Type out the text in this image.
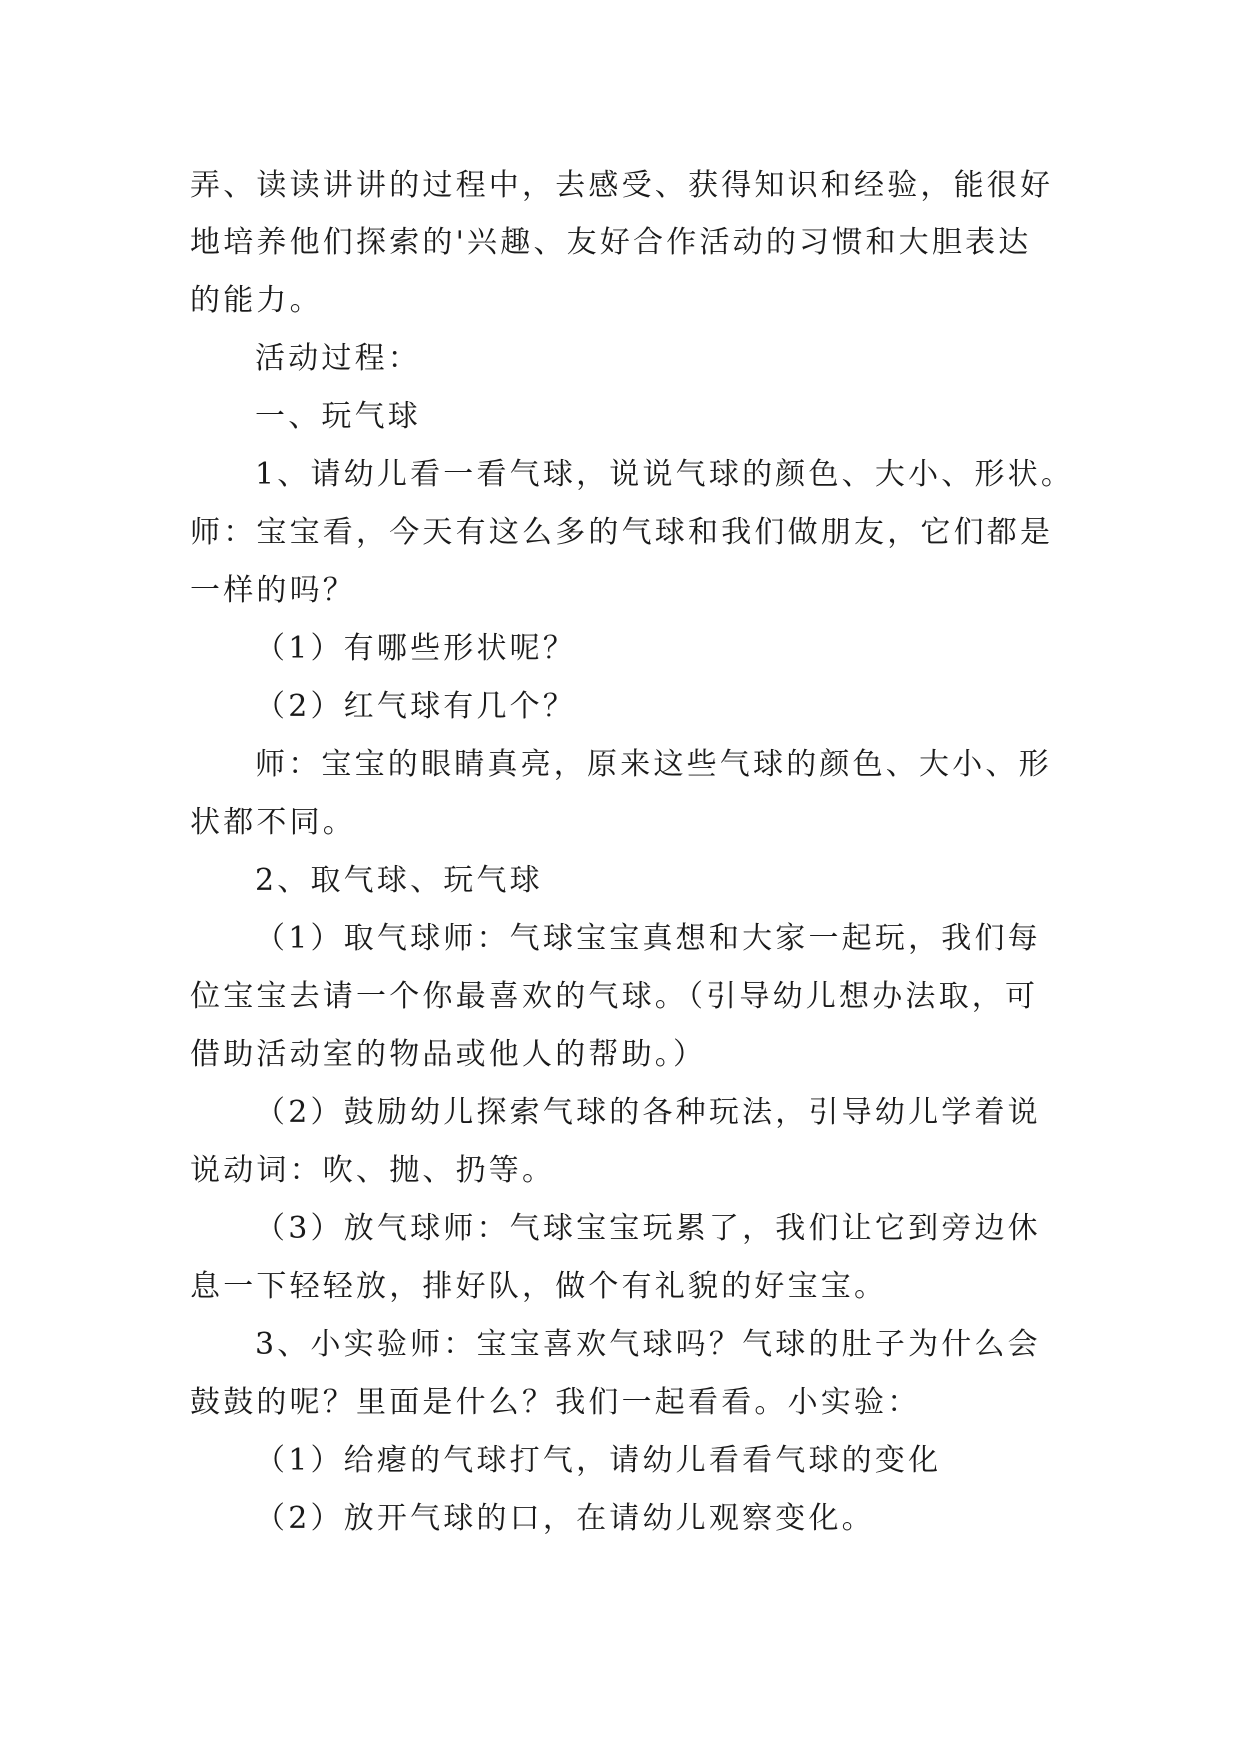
弄、读读讲讲的过程中，去感受、获得知识和经验，能很好
地培养他们探索的'兴趣、友好合作活动的习惯和大胆表达
的能力。
活动过程：
一、玩气球
1、请幼儿看一看气球，说说气球的颜色、大小、形状。
师：宝宝看，今天有这么多的气球和我们做朋友，它们都是
一样的吗？
（1）有哪些形状呢？
（2）红气球有几个？
师：宝宝的眼睛真亮，原来这些气球的颜色、大小、形
状都不同。
2、取气球、玩气球
（1）取气球师：气球宝宝真想和大家一起玩，我们每
位宝宝去请一个你最喜欢的气球。（引导幼儿想办法取，可
借助活动室的物品或他人的帮助。）
（2）鼓励幼儿探索气球的各种玩法，引导幼儿学着说
说动词：吹、抛、扔等。
（3）放气球师：气球宝宝玩累了，我们让它到旁边休
息一下轻轻放，排好队，做个有礼貌的好宝宝。
3、小实验师：宝宝喜欢气球吗？气球的肚子为什么会
鼓鼓的呢？里面是什么？我们一起看看。小实验：
（1）给瘪的气球打气，请幼儿看看气球的变化
（2）放开气球的口，在请幼儿观察变化。
